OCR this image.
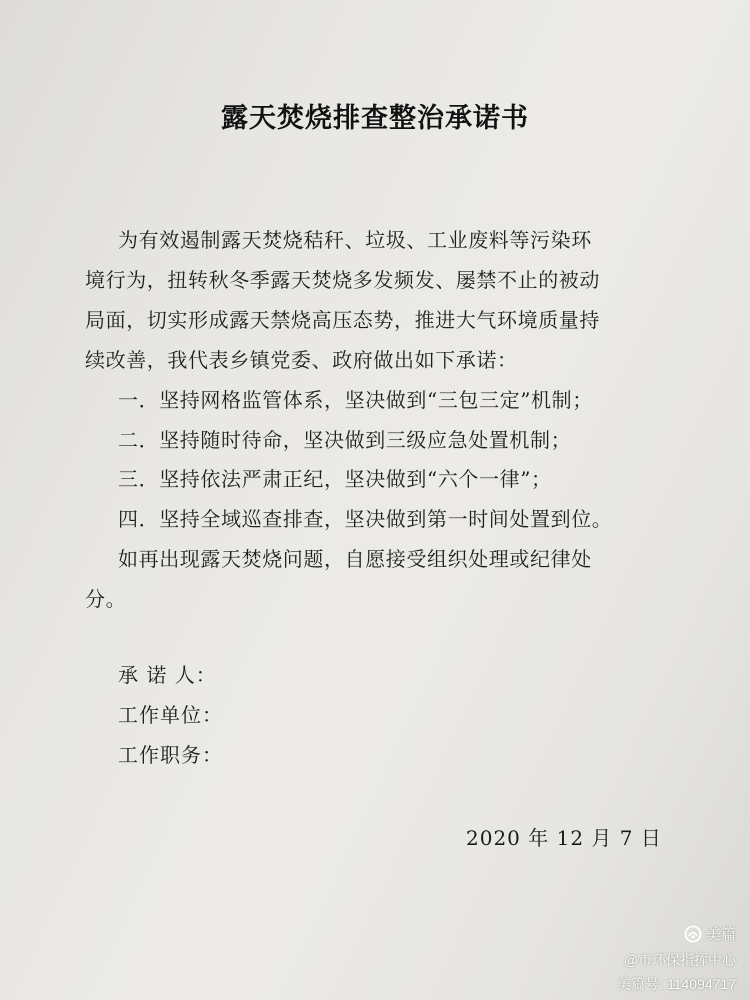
露天焚烧排查整治承诺书
为有效遏制露天焚烧秸秆、垃圾、工业废料等污染环
境行为，扭转秋冬季露天焚烧多发频发、屡禁不止的被动
局面，切实形成露天禁烧高压态势，推进大气环境质量持
续改善，我代表乡镇党委、政府做出如下承诺：
一．坚持网格监管体系，坚决做到“三包三定”机制；
二．坚持随时待命，坚决做到三级应急处置机制；
三．坚持依法严肃正纪，坚决做到“六个一律”；
四．坚持全域巡查排查，坚决做到第一时间处置到位。
如再出现露天焚烧问题，自愿接受组织处理或纪律处
分。
承 诺 人：
工作单位：
工作职务：
2020 年 12 月 7 日
美篇
@市环保指挥中心
美篇号: 114094717
